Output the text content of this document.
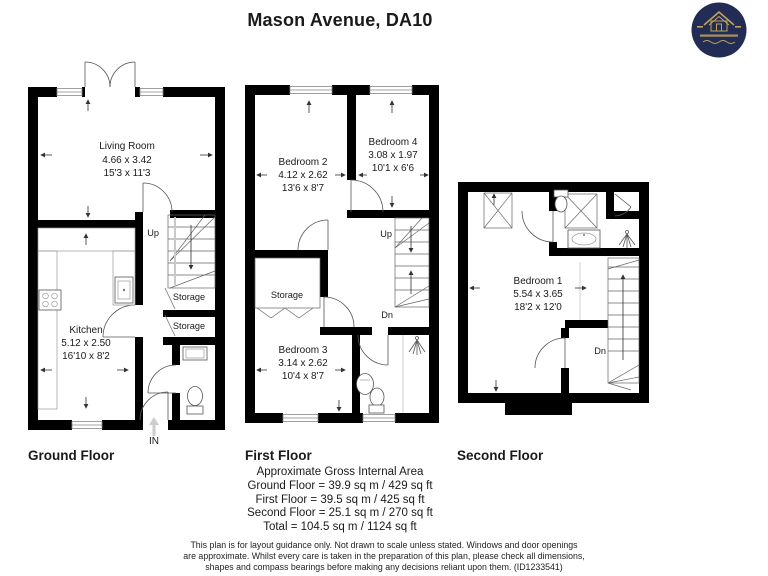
Mason Avenue, DA10
Living Room
4.66 x 3.42
15'3 x 11'3
Kitchen
5.12 x 2.50
16'10 x 8'2
Storage
Storage
Up
IN
Bedroom 2
4.12 x 2.62
13'6 x 8'7
Bedroom 4
3.08 x 1.97
10'1 x 6'6
Bedroom 3
3.14 x 2.62
10'4 x 8'7
Storage
Up
Dn
Bedroom 1
5.54 x 3.65
18'2 x 12'0
Dn
Ground Floor	First Floor	Second Floor
Approximate Gross Internal Area
Ground Floor = 39.9 sq m / 429 sq ft
First Floor = 39.5 sq m / 425 sq ft
Second Floor = 25.1 sq m / 270 sq ft
Total = 104.5 sq m / 1124 sq ft
This plan is for layout guidance only. Not drawn to scale unless stated. Windows and door openings
are approximate. Whilst every care is taken in the preparation of this plan, please check all dimensions,
shapes and compass bearings before making any decisions reliant upon them. (ID1233541)
